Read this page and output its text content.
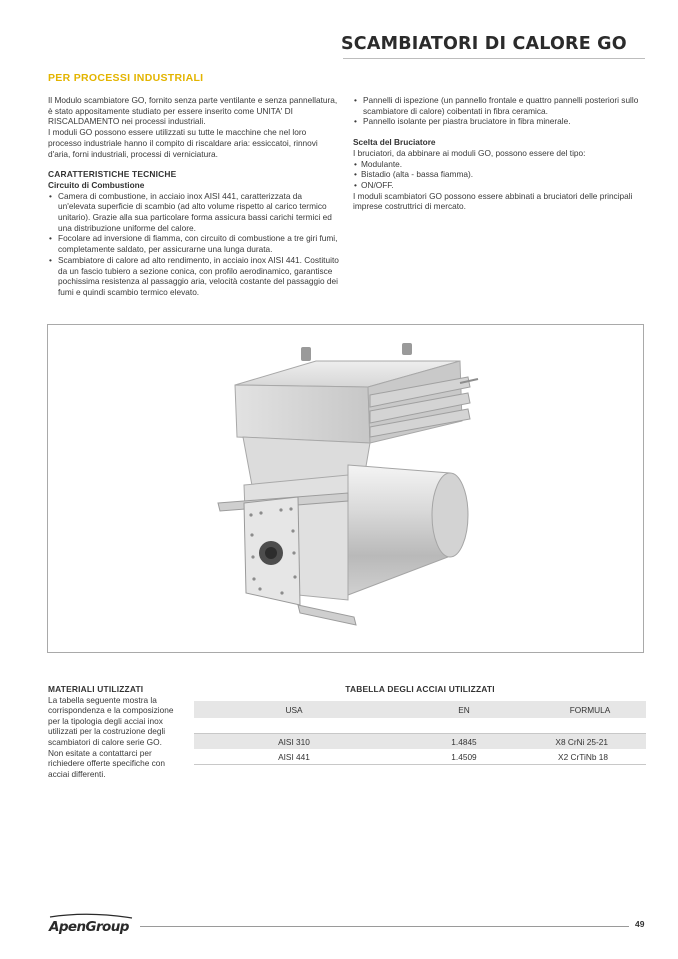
SCAMBIATORI DI CALORE GO
PER PROCESSI INDUSTRIALI

Il Modulo scambiatore GO, fornito senza parte ventilante e senza pannellatura, è stato appositamente studiato per essere inserito come UNITA' DI RISCALDAMENTO nei processi industriali.

I moduli GO possono essere utilizzati su tutte le macchine che nel loro processo industriale hanno il compito di riscaldare aria: essiccatoi, rinnovi d'aria, forni industriali, processi di verniciatura.

CARATTERISTICHE TECNICHE
Circuito di Combustione
• Camera di combustione, in acciaio inox AISI 441, caratterizzata da un'elevata superficie di scambio (ad alto volume rispetto al carico termico unitario). Grazie alla sua particolare forma assicura bassi carichi termici ed una distribuzione uniforme del calore.
• Focolare ad inversione di fiamma, con circuito di combustione a tre giri fumi, completamente saldato, per assicurarne una lunga durata.
• Scambiatore di calore ad alto rendimento, in acciaio inox AISI 441. Costituito da un fascio tubiero a sezione conica, con profilo aerodinamico, garantisce pochissima resistenza al passaggio aria, velocità costante del passaggio dei fumi e quindi scambio termico elevato.
• Pannelli di ispezione (un pannello frontale e quattro pannelli posteriori sullo scambiatore di calore) coibentati in fibra ceramica.
• Pannello isolante per piastra bruciatore in fibra minerale.
Scelta del Bruciatore

I bruciatori, da abbinare ai moduli GO, possono essere del tipo:

• Modulante.
• Bistadio (alta - bassa fiamma).
• ON/OFF.

I moduli scambiatori GO possono essere abbinati a bruciatori delle principali imprese costruttrici di mercato.

MATERIALI UTILIZZATI

La tabella seguente mostra la corrispondenza e la composizione per la tipologia degli acciai inox utilizzati per la costruzione degli scambiatori di calore serie GO.

Non esitate a contattarci per richiedere offerte specifiche con acciai differenti.

TABELLA DEGLI ACCIAI UTILIZZATI
USA	EN	FORMULA

AISI 310	1.4845	X8 CrNi 25-21
AISI 441	1.4509	X2 CrTiNb 18
ApenGroup	49
